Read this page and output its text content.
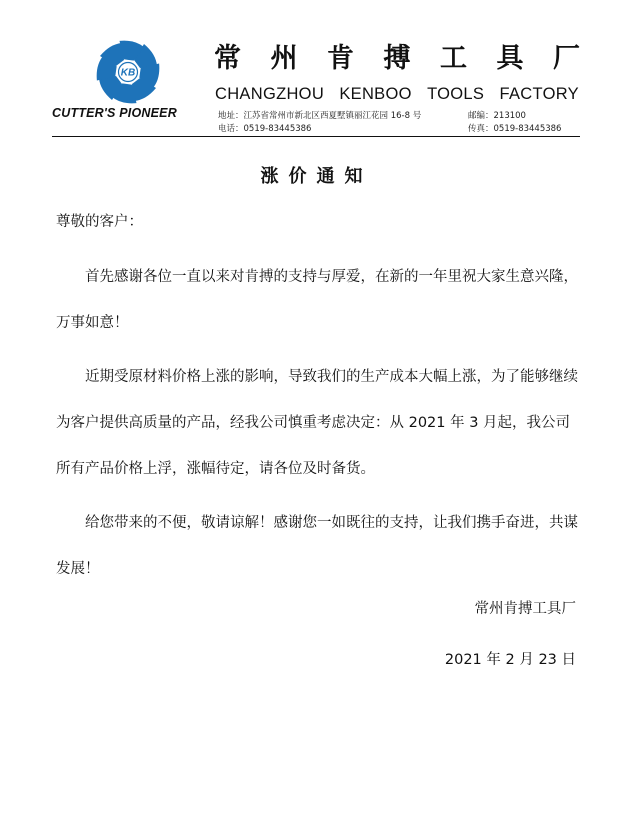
KB
CUTTER'S PIONEER
常 州 肯 搏 工 具 厂
CHANGZHOU KENBOO TOOLS FACTORY
地址：江苏省常州市新北区西夏墅镇丽江花园 16-8 号
电话：0519-83445386
邮编：213100
传真：0519-83445386
涨价通知
尊敬的客户：

首先感谢各位一直以来对肯搏的支持与厚爱，在新的一年里祝大家生意兴隆，万事如意！

近期受原材料价格上涨的影响，导致我们的生产成本大幅上涨，为了能够继续为客户提供高质量的产品，经我公司慎重考虑决定：从 2021 年 3 月起，我公司所有产品价格上浮，涨幅待定，请各位及时备货。

给您带来的不便，敬请谅解！感谢您一如既往的支持，让我们携手奋进，共谋发展！

常州肯搏工具厂
2021 年 2 月 23 日
